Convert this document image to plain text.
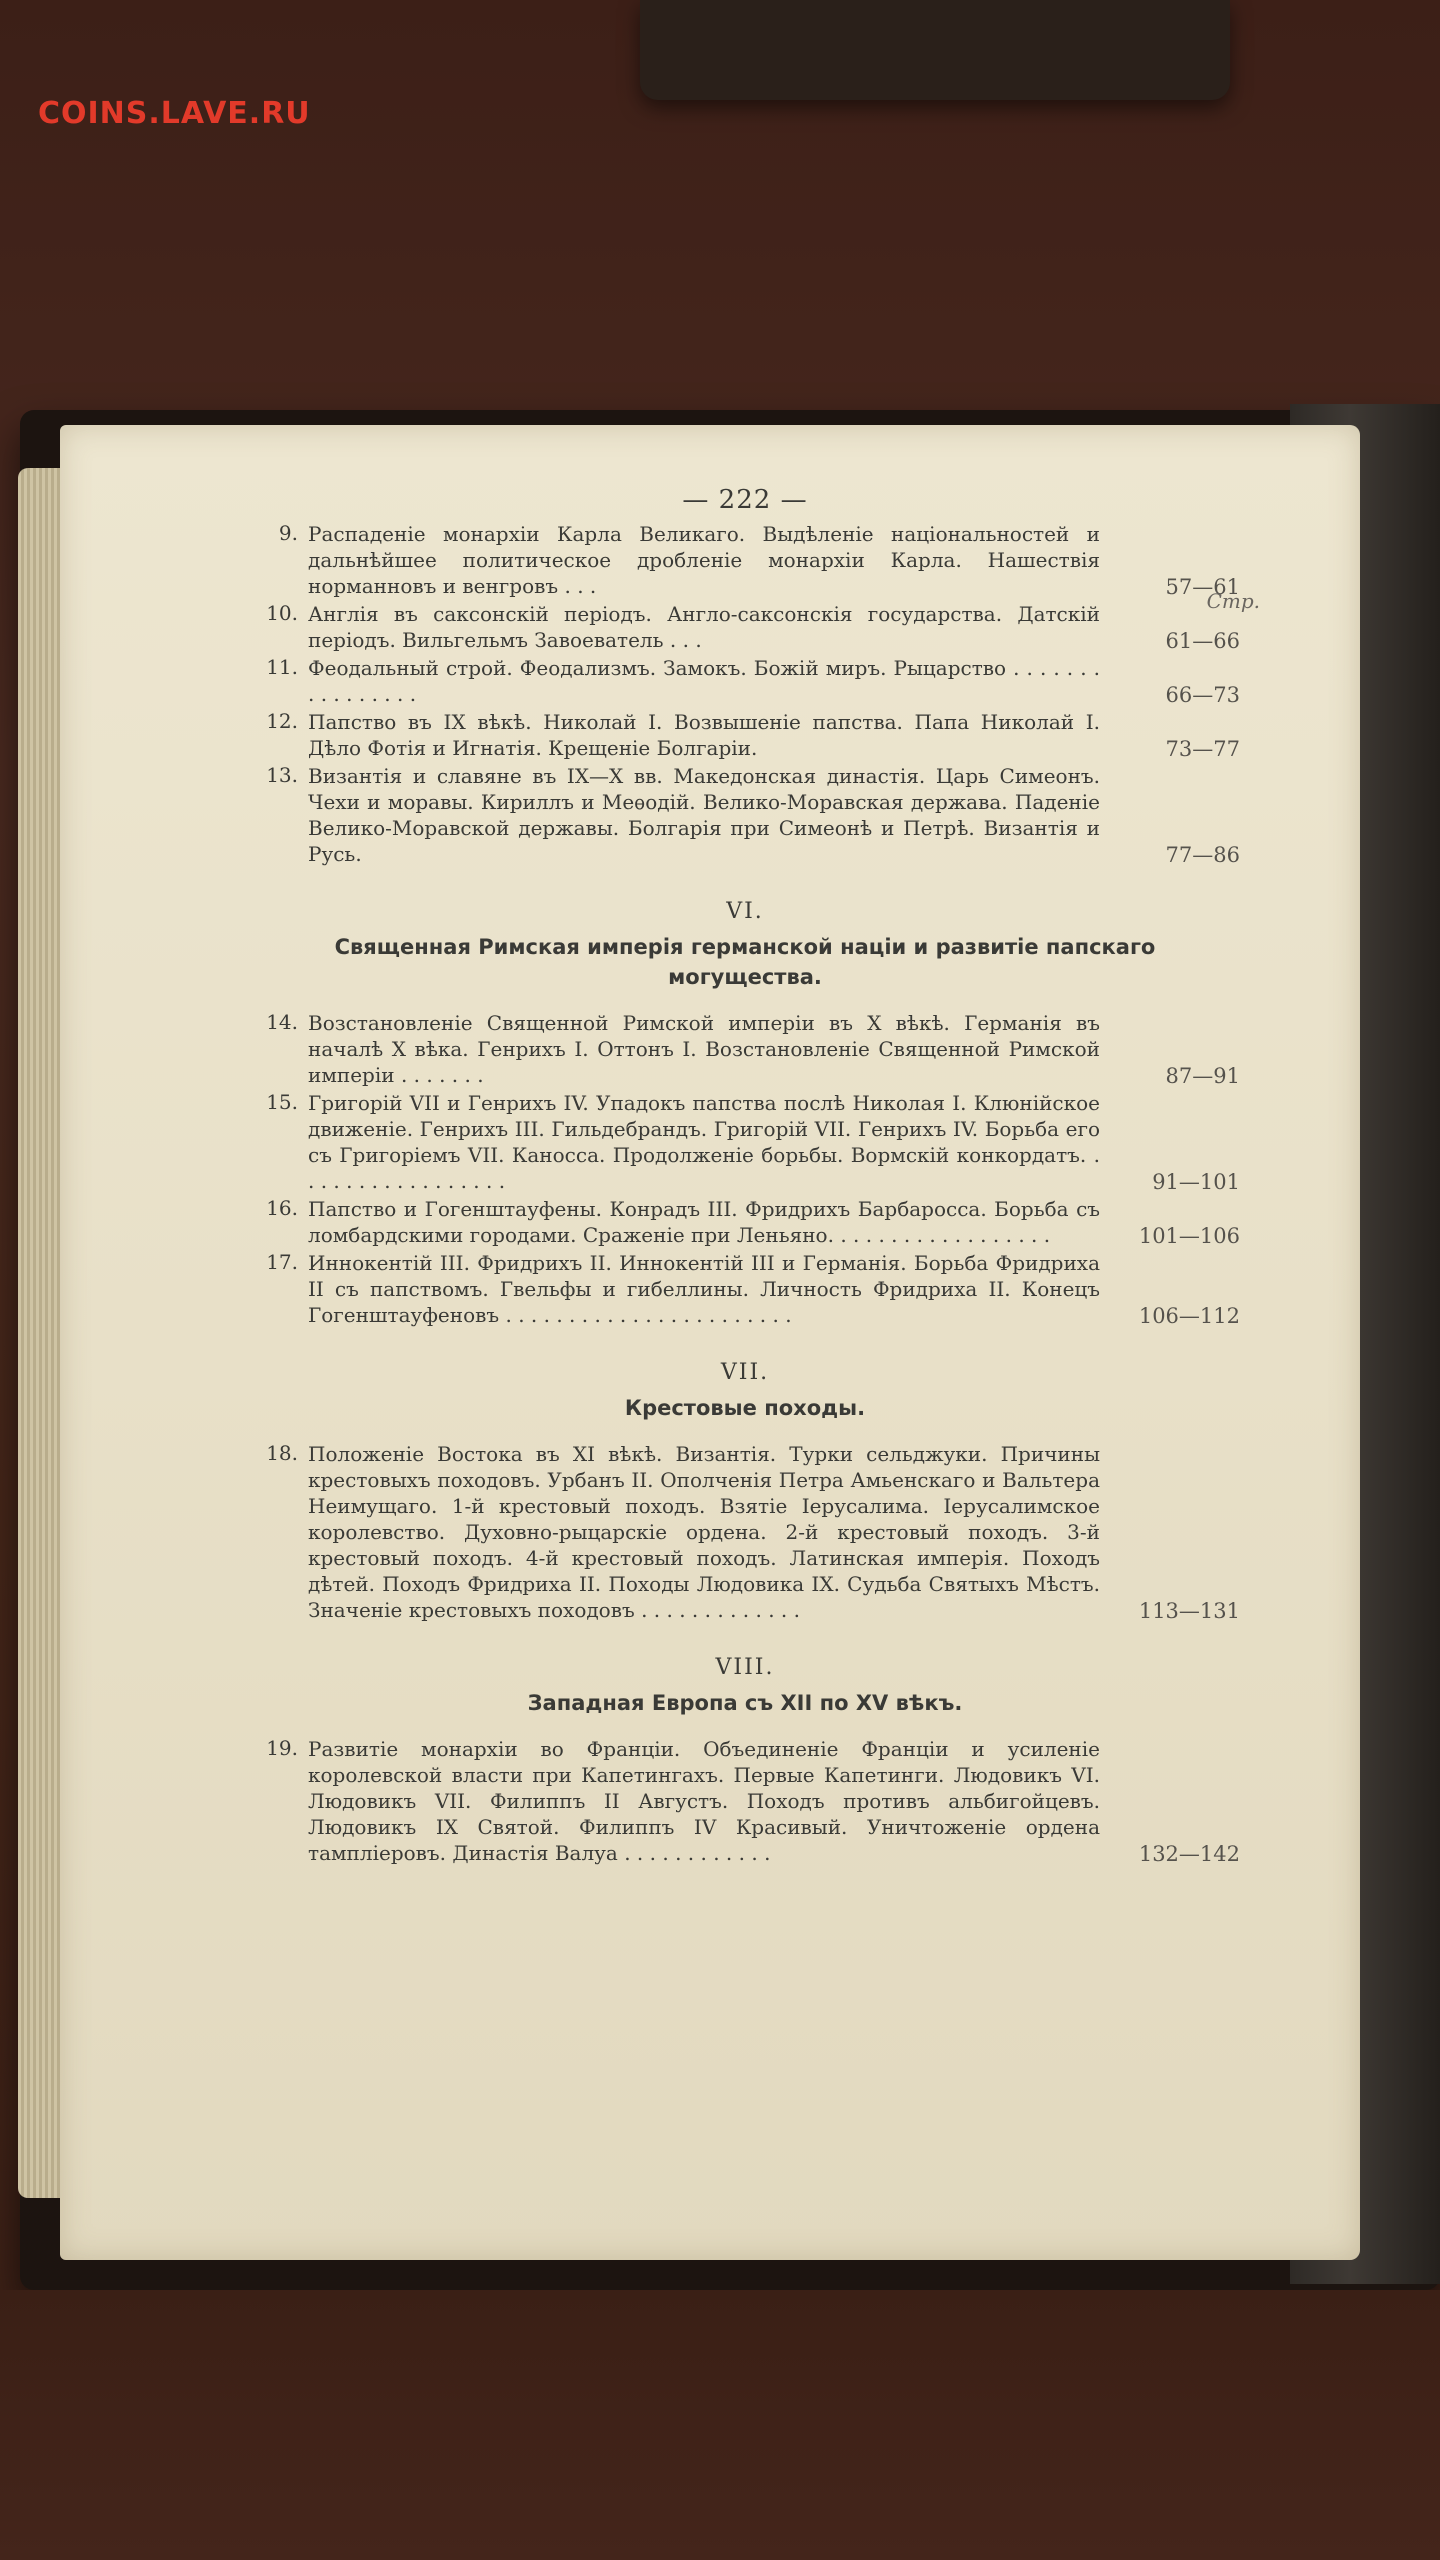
COINS.LAVE.RU
— 222 —
Стр.
9. Распаденіе монархіи Карла Великаго. Выдѣленіе національностей и дальнѣйшее политическое дробленіе монархіи Карла. Нашествія норманновъ и венгровъ . . .	57—61
10. Англія въ саксонскій періодъ. Англо-саксонскія государства. Датскій періодъ. Вильгельмъ Завоеватель . . .	61—66
11. Феодальный строй. Феодализмъ. Замокъ. Божій миръ. Рыцарство . . . . . . . . . . . . . . . .	66—73
12. Папство въ IX вѣкѣ. Николай I. Возвышеніе папства. Папа Николай I. Дѣло Фотія и Игнатія. Крещеніе Болгаріи.	73—77
13. Византія и славяне въ IX—X вв. Македонская династія. Царь Симеонъ. Чехи и моравы. Кириллъ и Меѳодій. Велико-Моравская держава. Паденіе Велико-Моравской державы. Болгарія при Симеонѣ и Петрѣ. Византія и Русь.	77—86
VI.
Священная Римская имперія германской націи и развитіе папскаго могущества.
14. Возстановленіе Священной Римской имперіи въ X вѣкѣ. Германія въ началѣ X вѣка. Генрихъ I. Оттонъ I. Возстановленіе Священной Римской имперіи . . . . . . .	87—91
15. Григорій VII и Генрихъ IV. Упадокъ папства послѣ Николая I. Клюнійское движеніе. Генрихъ III. Гильдебрандъ. Григорій VII. Генрихъ IV. Борьба его съ Григоріемъ VII. Каносса. Продолженіе борьбы. Вормскій конкордатъ. . . . . . . . . . . . . . . . . .	91—101
16. Папство и Гогенштауфены. Конрадъ III. Фридрихъ Барбаросса. Борьба съ ломбардскими городами. Сраженіе при Леньяно. . . . . . . . . . . . . . . . . .	101—106
17. Иннокентій III. Фридрихъ II. Иннокентій III и Германія. Борьба Фридриха II съ папствомъ. Гвельфы и гибеллины. Личность Фридриха II. Конецъ Гогенштауфеновъ . . . . . . . . . . . . . . . . . . . . . . .	106—112
VII.
Крестовые походы.
18. Положеніе Востока въ XI вѣкѣ. Византія. Турки сельджуки. Причины крестовыхъ походовъ. Урбанъ II. Ополченія Петра Амьенскаго и Вальтера Неимущаго. 1-й крестовый походъ. Взятіе Іерусалима. Іерусалимское королевство. Духовно-рыцарскіе ордена. 2-й крестовый походъ. 3-й крестовый походъ. 4-й крестовый походъ. Латинская имперія. Походъ дѣтей. Походъ Фридриха II. Походы Людовика IX. Судьба Святыхъ Мѣстъ. Значеніе крестовыхъ походовъ . . . . . . . . . . . . .	113—131
VIII.
Западная Европа съ XII по XV вѣкъ.
19. Развитіе монархіи во Франціи. Объединеніе Франціи и усиленіе королевской власти при Капетингахъ. Первые Капетинги. Людовикъ VI. Людовикъ VII. Филиппъ II Августъ. Походъ противъ альбигойцевъ. Людовикъ IX Святой. Филиппъ IV Красивый. Уничтоженіе ордена тампліеровъ. Династія Валуа . . . . . . . . . . . .	132—142
